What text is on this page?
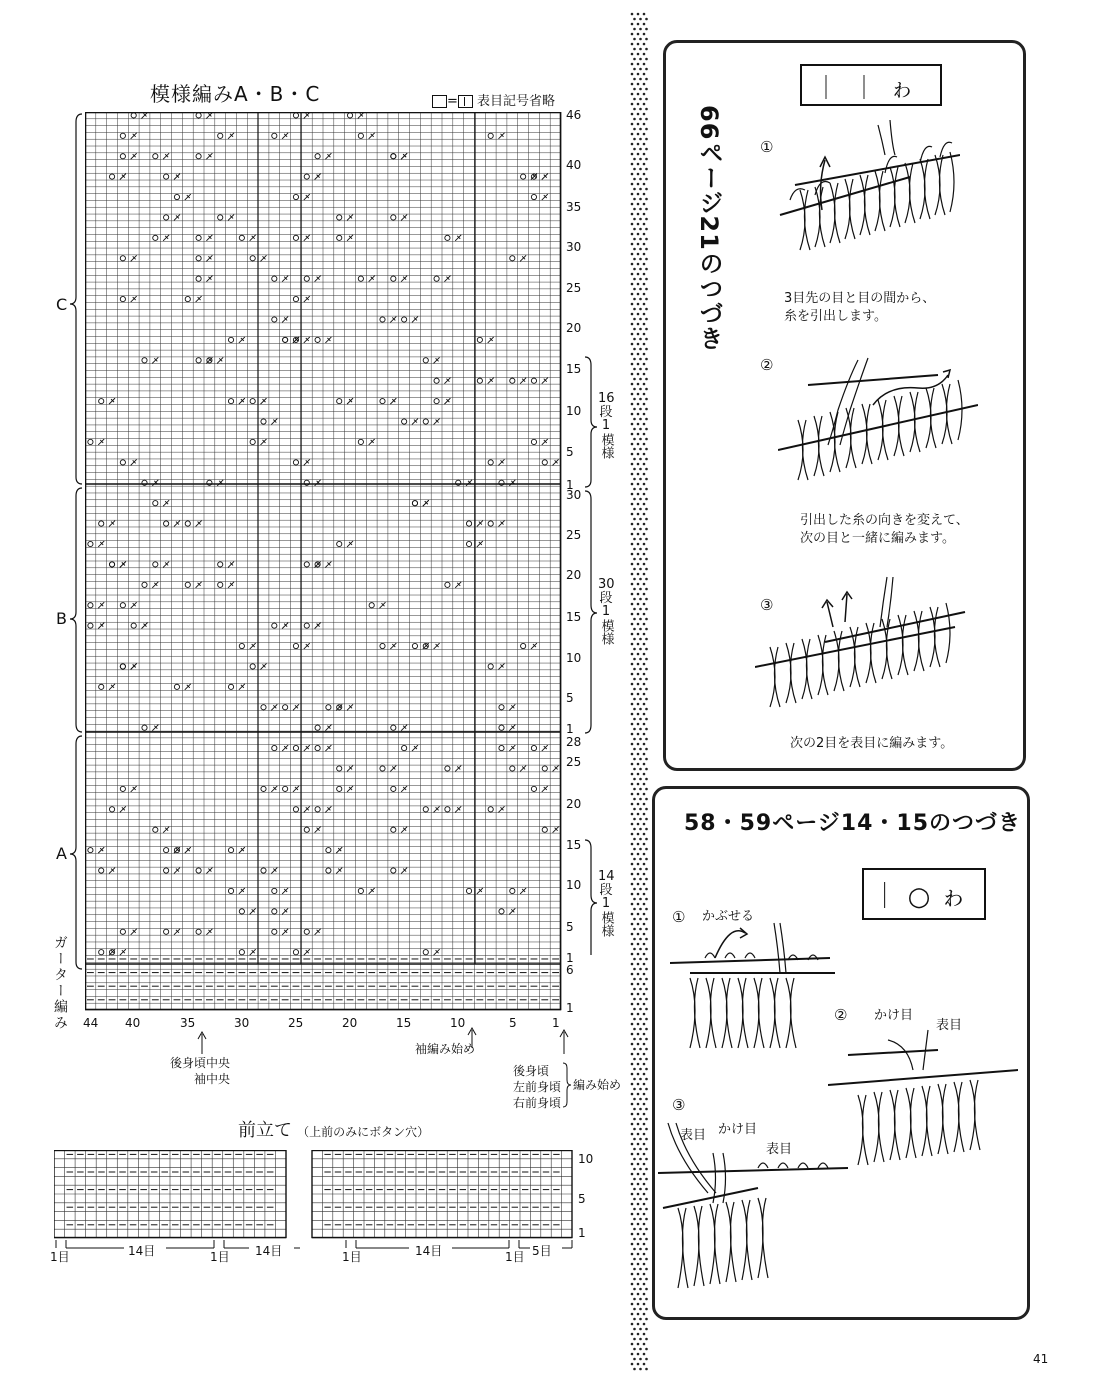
模様編みA・B・C	= 表目記号省略
46
40
35
30
25
20
15
10
5
1
30
25
20
15
10
5
1
28
25
20
15
10
5
1
6
1
16
段
1
模様
30
段
1
模様
14
段
1
模様
C
B
A
ガーター編み 44 40	35	30	25	20	15	10	5	1
後身頃中央
袖中央
袖編み始め
後身頃
左前身頃
右前身頃
編み始め
前立て （上前のみにボタン穴）
10
5
1
1目	14目	1目 14目	1目	14目	1目 5目
66ページ21のつづき
｜｜ゎ
①
3目先の目と目の間から、糸を引出します。
②
引出した糸の向きを変えて、次の目と一緒に編みます。
③
次の2目を表目に編みます。
58・59ページ14・15のつづき
｜○ゎ
① かぶせる
② かけ目
表目
③
表目 かけ目
表目
41
